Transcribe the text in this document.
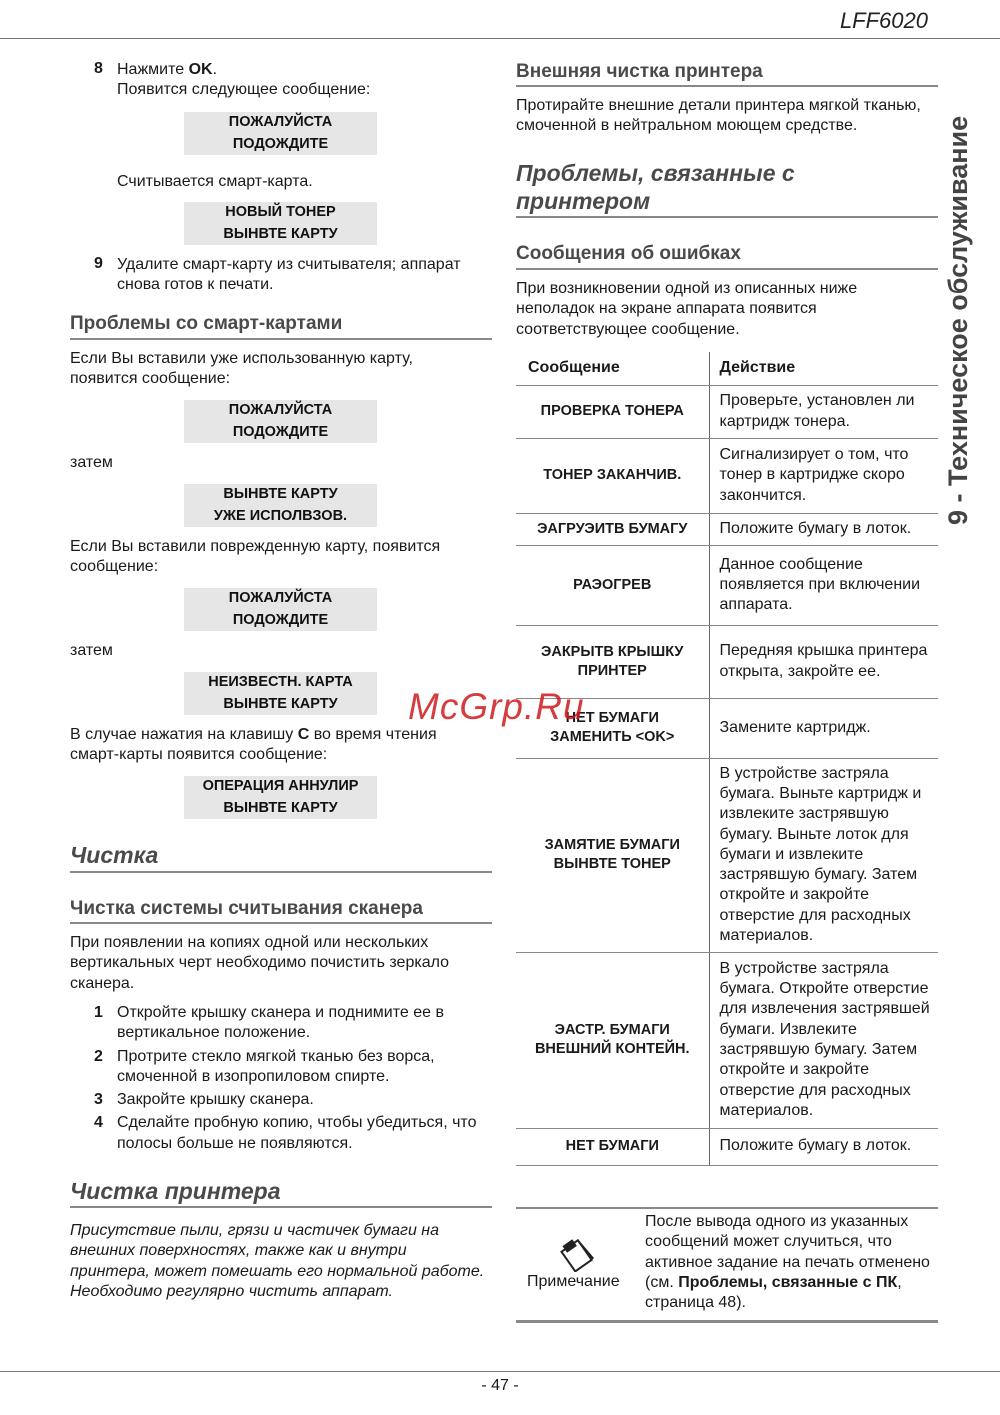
LFF6020
9 - Техническое обслуживание
8 Нажмите OK.
Появится следующее сообщение:
ПОЖАЛУЙСТА
ПОДОЖДИТЕ
Считывается смарт-карта.
НОВЫЙ ТОНЕР
ВЫНВТЕ КАРТУ
9 Удалите смарт-карту из считывателя; аппарат снова готов к печати.
Проблемы со смарт-картами
Если Вы вставили уже использованную карту, появится сообщение:
ПОЖАЛУЙСТА
ПОДОЖДИТЕ
затем
ВЫНВТЕ КАРТУ
УЖЕ ИСПОЛВЗОВ.
Если Вы вставили поврежденную карту, появится сообщение:
ПОЖАЛУЙСТА
ПОДОЖДИТЕ
затем
НЕИЗВЕСТН. КАРТА
ВЫНВТЕ КАРТУ
В случае нажатия на клавишу С во время чтения смарт-карты появится сообщение:
ОПЕРАЦИЯ АННУЛИР
ВЫНВТЕ КАРТУ
Чистка
Чистка системы считывания сканера
При появлении на копиях одной или нескольких вертикальных черт необходимо почистить зеркало сканера.
1 Откройте крышку сканера и поднимите ее в вертикальное положение.
2 Протрите стекло мягкой тканью без ворса, смоченной в изопропиловом спирте.
3 Закройте крышку сканера.
4 Сделайте пробную копию, чтобы убедиться, что полосы больше не появляются.
Чистка принтера
Присутствие пыли, грязи и частичек бумаги на внешних поверхностях, также как и внутри принтера, может помешать его нормальной работе. Необходимо регулярно чистить аппарат.
Внешняя чистка принтера
Протирайте внешние детали принтера мягкой тканью, смоченной в нейтральном моющем средстве.
Проблемы, связанные с принтером
Сообщения об ошибках
При возникновении одной из описанных ниже неполадок на экране аппарата появится соответствующее сообщение.
Сообщение	Действие
ПРОВЕРКА ТОНЕРА	Проверьте, установлен ли картридж тонера.
ТОНЕР ЗАКАНЧИВ.	Сигнализирует о том, что тонер в картридже скоро закончится.
ЭАГРУЭИТВ БУМАГУ	Положите бумагу в лоток.
РАЭОГРЕВ	Данное сообщение появляется при включении аппарата.
ЭАКРЫТВ КРЫШКУ ПРИНТЕР	Передняя крышка принтера открыта, закройте ее.
НЕТ БУМАГИ ЗАМЕНИТЬ <OK>	Замените картридж.
ЗАМЯТИЕ БУМАГИ ВЫНВТЕ ТОНЕР	В устройстве застряла бумага. Выньте картридж и извлеките застрявшую бумагу. Выньте лоток для бумаги и извлеките застрявшую бумагу. Затем откройте и закройте отверстие для расходных материалов.
ЭАСТР. БУМАГИ ВНЕШНИЙ КОНТЕЙН.	В устройстве застряла бумага. Откройте отверстие для извлечения застрявшей бумаги. Извлеките застрявшую бумагу. Затем откройте и закройте отверстие для расходных материалов.
НЕТ БУМАГИ	Положите бумагу в лоток.
Примечание
После вывода одного из указанных сообщений может случиться, что активное задание на печать отменено (см. Проблемы, связанные с ПК, страница 48).
McGrp.Ru
- 47 -
